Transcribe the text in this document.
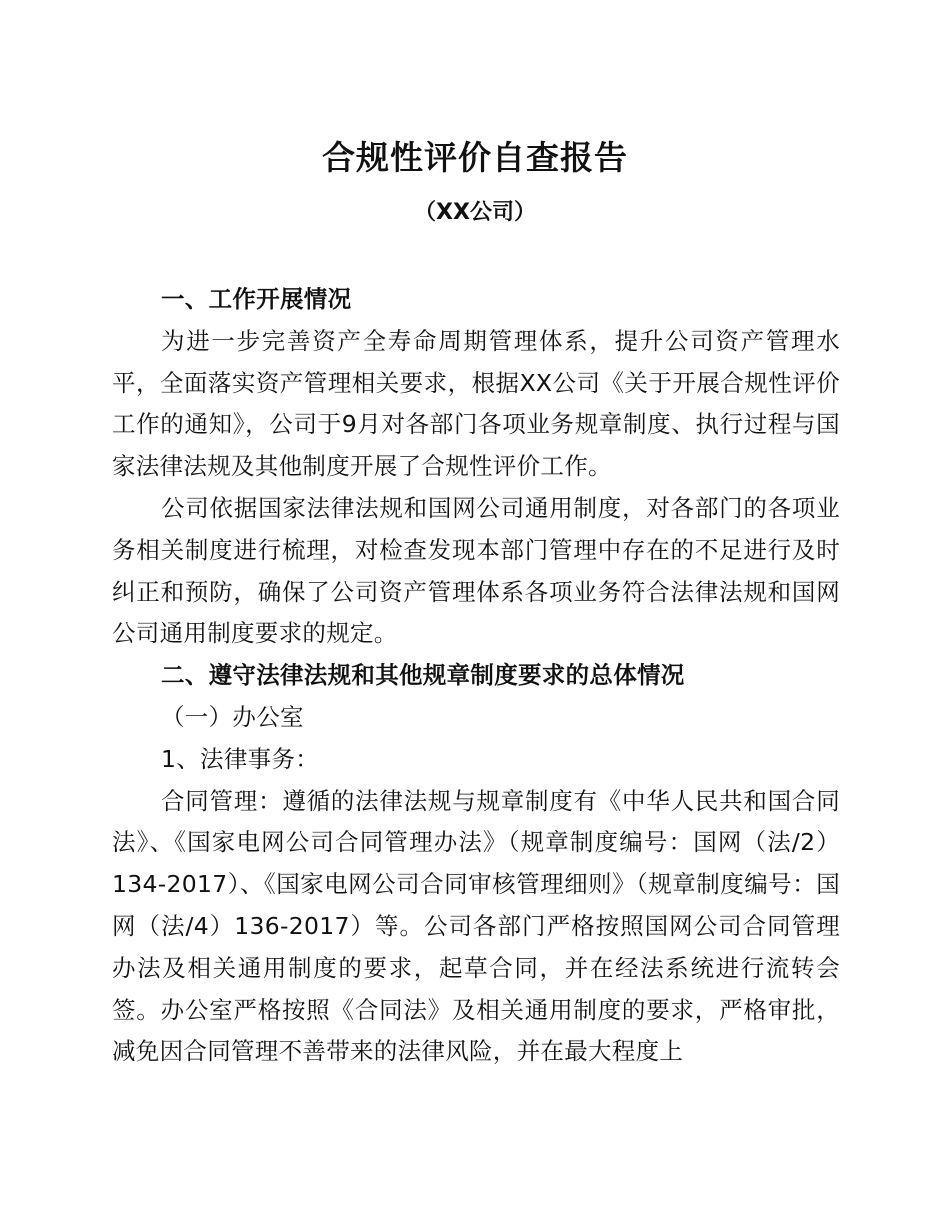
合规性评价自查报告
（XX公司）

一、工作开展情况

为进一步完善资产全寿命周期管理体系，提升公司资产管理水平，全面落实资产管理相关要求，根据XX公司《关于开展合规性评价工作的通知》，公司于9月对各部门各项业务规章制度、执行过程与国家法律法规及其他制度开展了合规性评价工作。

公司依据国家法律法规和国网公司通用制度，对各部门的各项业务相关制度进行梳理，对检查发现本部门管理中存在的不足进行及时纠正和预防，确保了公司资产管理体系各项业务符合法律法规和国网公司通用制度要求的规定。

二、遵守法律法规和其他规章制度要求的总体情况

（一）办公室

1、法律事务：

合同管理：遵循的法律法规与规章制度有《中华人民共和国合同法》、《国家电网公司合同管理办法》（规章制度编号：国网（法/2）134-2017）、《国家电网公司合同审核管理细则》（规章制度编号：国网（法/4）136-2017）等。公司各部门严格按照国网公司合同管理办法及相关通用制度的要求，起草合同，并在经法系统进行流转会签。办公室严格按照《合同法》及相关通用制度的要求，严格审批，减免因合同管理不善带来的法律风险，并在最大程度上
